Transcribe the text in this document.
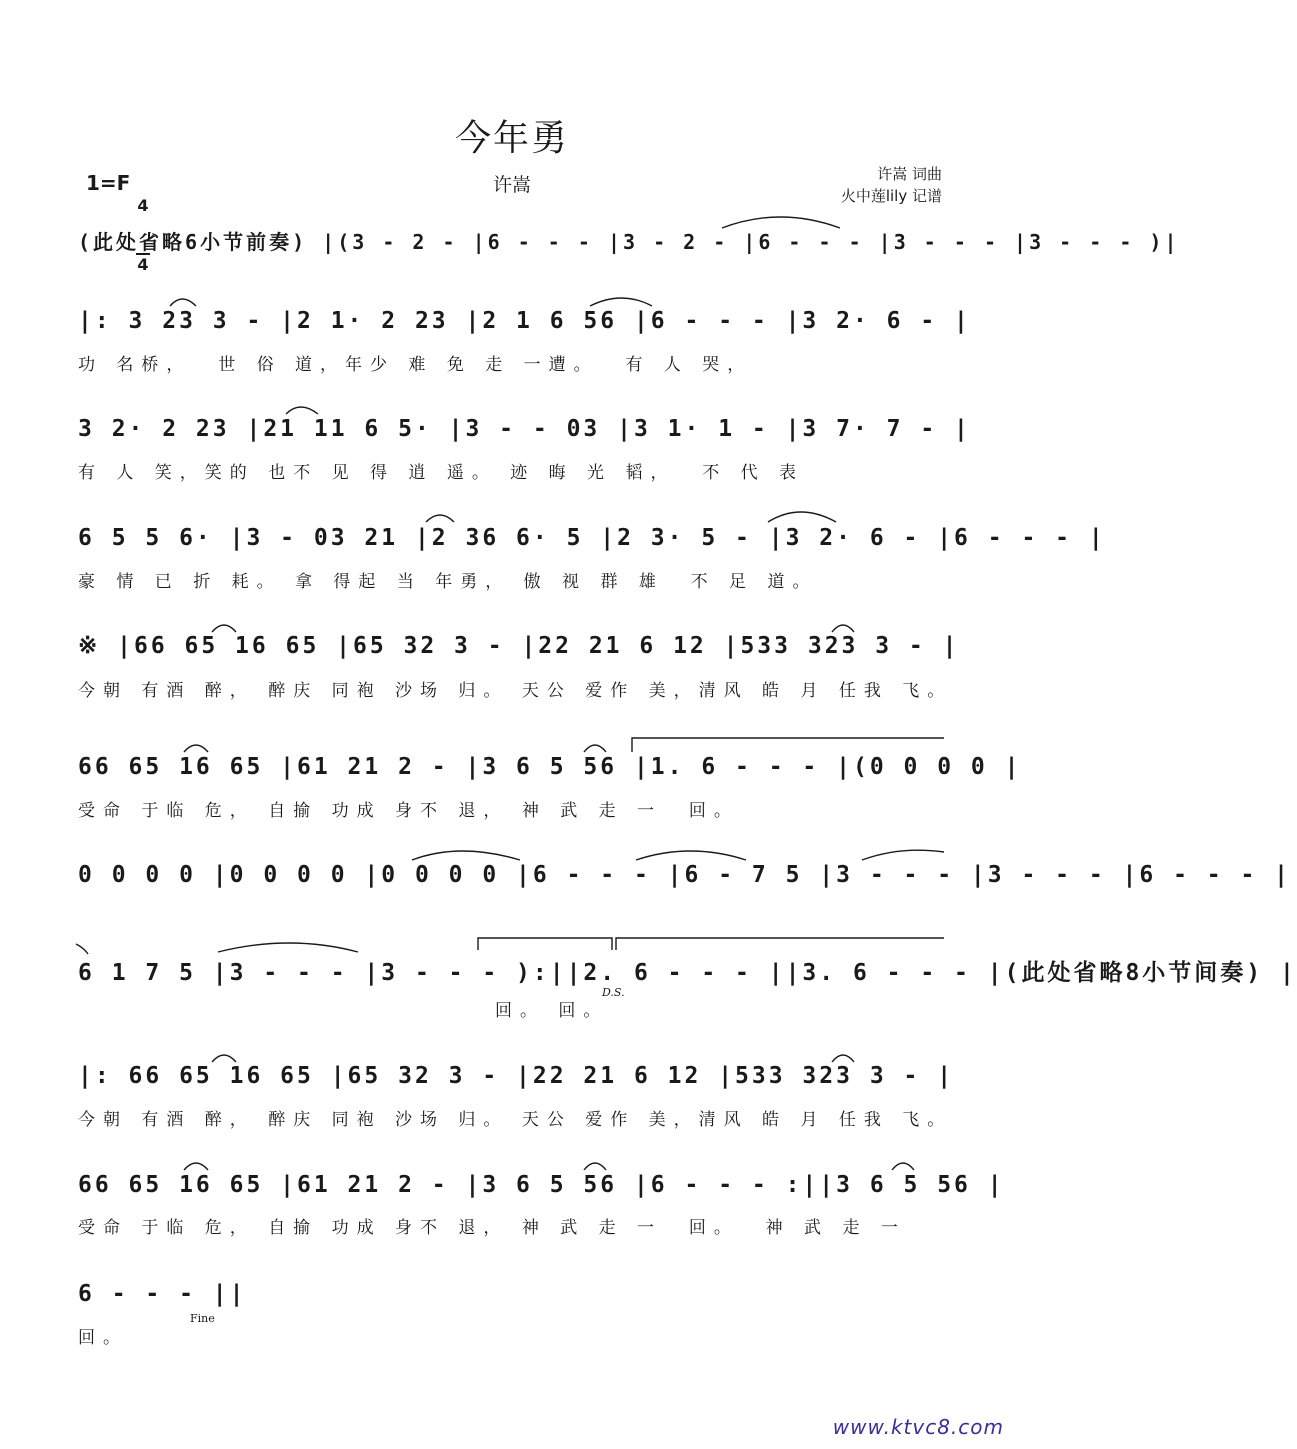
今年勇
许嵩
1=F

$\frac{4}{4}$	许嵩 词曲
火中莲lily 记谱
(此处省略6小节前奏) |(3 - 2 - |6 - - - |3 - 2 - |6 - - - |3 - - - |3 - - - )|
|: 3 23 3 - |2 1· 2 23 |2 1 6 56 |6 - - - |3 2· 6 - |
功 名桥，  世 俗 道，年少 难 免 走 一遭。  有 人 哭，
3 2· 2 23 |21 11 6 5· |3 - - 03 |3 1· 1 - |3 7· 7 - |
有 人 笑，笑的 也不 见 得 逍 遥。 迹 晦 光 韬，  不 代 表
6 5 5 6· |3 - 03 21 |2 36 6· 5 |2 3· 5 - |3 2· 6 - |6 - - - |
豪 情 已 折 耗。 拿 得起 当 年勇， 傲 视 群 雄  不 足 道。
※ |66 65 16 65 |65 32 3 - |22 21 6 12 |533 323 3 - |
今朝 有酒 醉， 醉庆 同袍 沙场 归。 天公 爱作 美，清风 皓 月 任我 飞。
66 65 16 65 |61 21 2 - |3 6 5 56 |1. 6 - - - |(0 0 0 0 |
受命 于临 危， 自揄 功成 身不 退， 神 武 走 一  回。
0 0 0 0 |0 0 0 0 |0 0 0 0 |6 - - - |6 - 7 5 |3 - - - |3 - - - |6 - - - |
6 1 7 5 |3 - - - |3 - - - ):||2. 6 - - - ||3. 6 - - - |(此处省略8小节间奏) |
回。 回。
D.S.
|: 66 65 16 65 |65 32 3 - |22 21 6 12 |533 323 3 - |
今朝 有酒 醉， 醉庆 同袍 沙场 归。 天公 爱作 美，清风 皓 月 任我 飞。
66 65 16 65 |61 21 2 - |3 6 5 56 |6 - - - :||3 6 5 56 |
受命 于临 危， 自揄 功成 身不 退， 神 武 走 一  回。  神 武 走 一
6 - - - ||
回。
Fine
www.ktvc8.com
